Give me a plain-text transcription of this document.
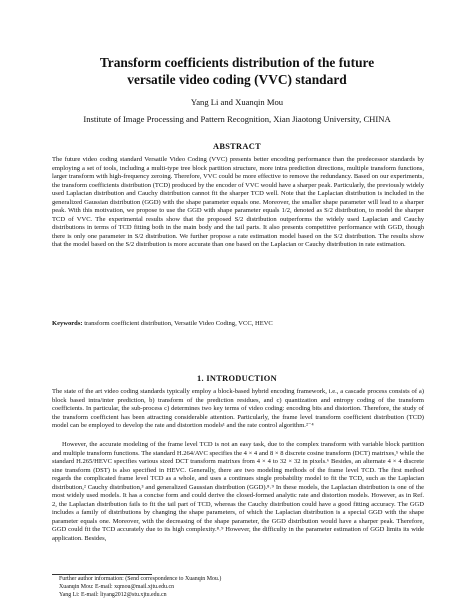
Transform coefficients distribution of the future
versatile video coding (VVC) standard

Yang Li and Xuanqin Mou

Institute of Image Processing and Pattern Recognition, Xian Jiaotong University, CHINA

ABSTRACT

The future video coding standard Versatile Video Coding (VVC) presents better encoding performance than the predecessor standards by employing a set of tools, including a multi-type tree block partition structure, more intra prediction directions, multiple transform functions, larger transform with high-frequency zeroing. Therefore, VVC could be more effective to remove the redundancy. Based on our experiments, the transform coefficients distribution (TCD) produced by the encoder of VVC would have a sharper peak. Particularly, the previously widely used Laplacian distribution and Cauchy distribution cannot fit the sharper TCD well. Note that the Laplacian distribution is included in the generalized Gaussian distribution (GGD) with the shape parameter equals one. Moreover, the smaller shape parameter will lead to a sharper peak. With this motivation, we propose to use the GGD with shape parameter equals 1/2, denoted as S/2 distribution, to model the sharper TCD of VVC. The experimental results show that the proposed S/2 distribution outperforms the widely used Laplacian and Cauchy distributions in terms of TCD fitting both in the main body and the tail parts. It also presents competitive performance with GGD, though there is only one parameter in S/2 distribution. We further propose a rate estimation model based on the S/2 distribution. The results show that the model based on the S/2 distribution is more accurate than one based on the Laplacian or Cauchy distribution in rate estimation.

Keywords: transform coefficient distribution, Versatile Video Coding, VCC, HEVC

1. INTRODUCTION

The state of the art video coding standards typically employ a block-based hybrid encoding framework, i.e., a cascade process consists of a) block based intra/inter prediction, b) transform of the prediction residues, and c) quantization and entropy coding of the transform coefficients. In particular, the sub-process c) determines two key terms of video coding: encoding bits and distortion. Therefore, the study of the transform coefficient has been attracting considerable attention. Particularly, the frame level transform coefficient distribution (TCD) model can be employed to develop the rate and distortion models¹ and the rate control algorithm.²⁻⁴

However, the accurate modeling of the frame level TCD is not an easy task, due to the complex transform with variable block partition and multiple transform functions. The standard H.264/AVC specifies the 4 × 4 and 8 × 8 discrete cosine transform (DCT) matrixes,⁵ while the standard H.265/HEVC specifies various sized DCT transform matrixes from 4 × 4 to 32 × 32 in pixels.⁶ Besides, an alternate 4 × 4 discrete sine transform (DST) is also specified in HEVC. Generally, there are two modeling methods of the frame level TCD. The first method regards the complicated frame level TCD as a whole, and uses a continues single probability model to fit the TCD, such as the Laplacian distribution,² Cauchy distribution,³ and generalized Gaussian distribution (GGD).⁸˒⁹ In these models, the Laplacian distribution is one of the most widely used models. It has a concise form and could derive the closed-formed analytic rate and distortion models. However, as in Ref. 2, the Laplacian distribution fails to fit the tail part of TCD, whereas the Cauchy distribution could have a good fitting accuracy. The GGD includes a family of distributions by changing the shape parameters, of which the Laplacian distribution is a special GGD with the shape parameter equals one. Moreover, with the decreasing of the shape parameter, the GGD distribution would have a sharper peak. Therefore, GGD could fit the TCD accurately due to its high complexity.⁸˒⁹ However, the difficulty in the parameter estimation of GGD limits its wide application. Besides,

Further author information: (Send correspondence to Xuanqin Mou.)
Xuanqin Mou: E-mail: xqmou@mail.xjtu.edu.cn
Yang Li: E-mail: liyang2012@stu.xjtu.edu.cn
